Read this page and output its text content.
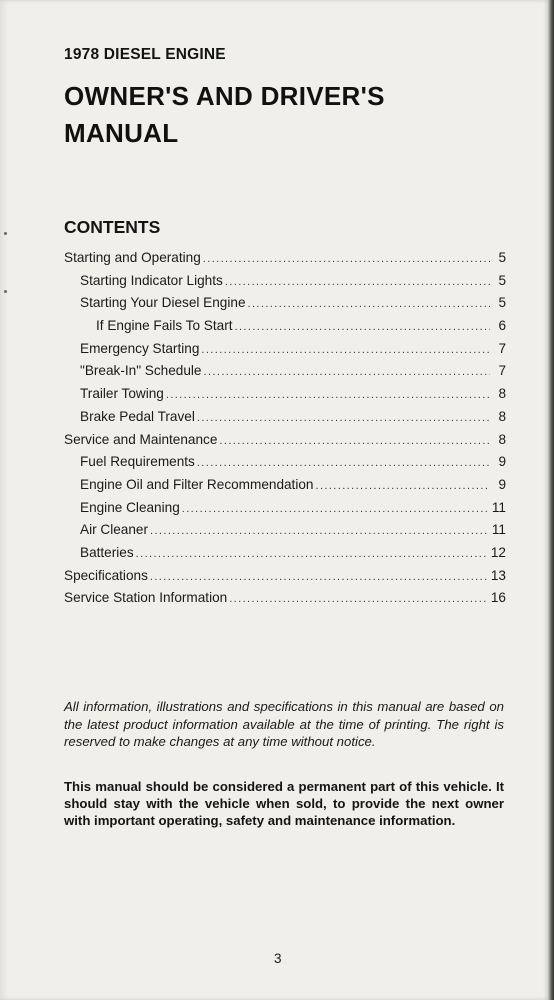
1978 DIESEL ENGINE
OWNER'S AND DRIVER'S MANUAL
CONTENTS
Starting and Operating .....	5
Starting Indicator Lights .....	5
Starting Your Diesel Engine .....	5
If Engine Fails To Start .....	6
Emergency Starting .....	7
"Break-In" Schedule .....	7
Trailer Towing .....	8
Brake Pedal Travel .....	8
Service and Maintenance .....	8
Fuel Requirements .....	9
Engine Oil and Filter Recommendation .....	9
Engine Cleaning .....	11
Air Cleaner .....	11
Batteries .....	12
Specifications .....	13
Service Station Information .....	16

All information, illustrations and specifications in this manual are based on the latest product information available at the time of printing. The right is reserved to make changes at any time without notice.

This manual should be considered a permanent part of this vehicle. It should stay with the vehicle when sold, to provide the next owner with important operating, safety and maintenance information.

3
